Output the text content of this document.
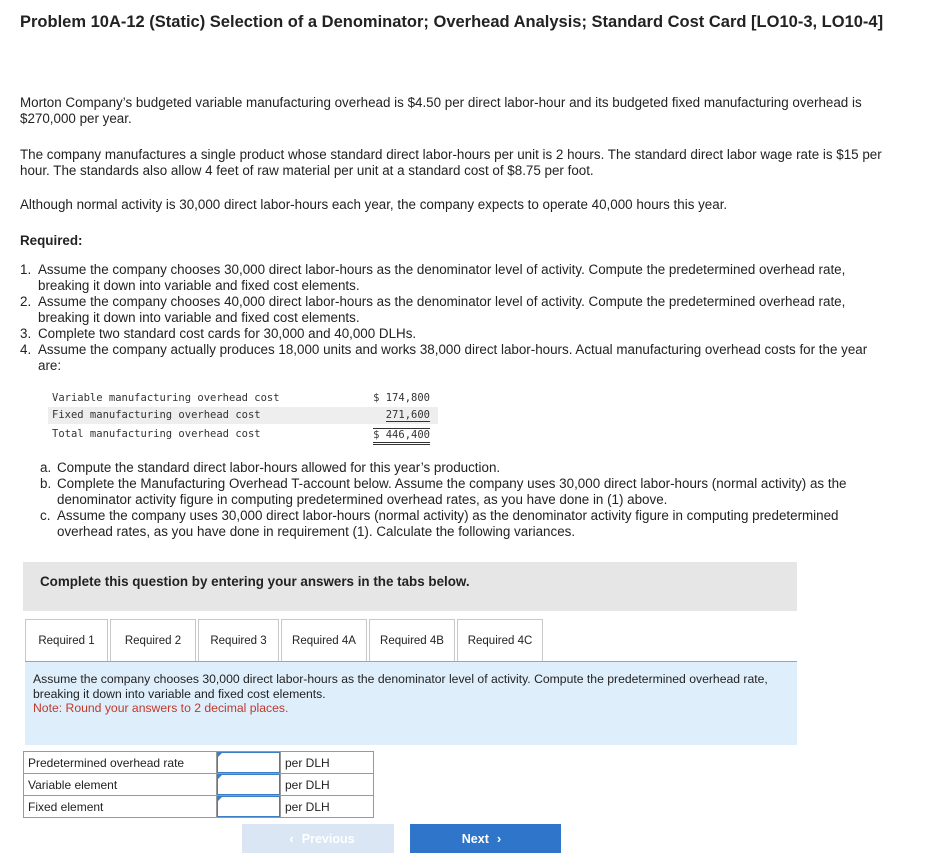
Problem 10A-12 (Static) Selection of a Denominator; Overhead Analysis; Standard Cost Card [LO10-3, LO10-4]
Morton Company’s budgeted variable manufacturing overhead is $4.50 per direct labor-hour and its budgeted fixed manufacturing overhead is $270,000 per year.
The company manufactures a single product whose standard direct labor-hours per unit is 2 hours. The standard direct labor wage rate is $15 per hour. The standards also allow 4 feet of raw material per unit at a standard cost of $8.75 per foot.
Although normal activity is 30,000 direct labor-hours each year, the company expects to operate 40,000 hours this year.
Required:
1. Assume the company chooses 30,000 direct labor-hours as the denominator level of activity. Compute the predetermined overhead rate, breaking it down into variable and fixed cost elements.
2. Assume the company chooses 40,000 direct labor-hours as the denominator level of activity. Compute the predetermined overhead rate, breaking it down into variable and fixed cost elements.
3. Complete two standard cost cards for 30,000 and 40,000 DLHs.
4. Assume the company actually produces 18,000 units and works 38,000 direct labor-hours. Actual manufacturing overhead costs for the year are:
Variable manufacturing overhead cost	$ 174,800
Fixed manufacturing overhead cost	271,600
Total manufacturing overhead cost	$ 446,400
a. Compute the standard direct labor-hours allowed for this year’s production.
b. Complete the Manufacturing Overhead T-account below. Assume the company uses 30,000 direct labor-hours (normal activity) as the denominator activity figure in computing predetermined overhead rates, as you have done in (1) above.
c. Assume the company uses 30,000 direct labor-hours (normal activity) as the denominator activity figure in computing predetermined overhead rates, as you have done in requirement (1). Calculate the following variances.
Complete this question by entering your answers in the tabs below.
Required 1	Required 2	Required 3	Required 4A	Required 4B	Required 4C
Assume the company chooses 30,000 direct labor-hours as the denominator level of activity. Compute the predetermined overhead rate, breaking it down into variable and fixed cost elements.
Note: Round your answers to 2 decimal places.
Predetermined overhead rate		per DLH
Variable element		per DLH
Fixed element		per DLH
‹ Previous	Next ›
